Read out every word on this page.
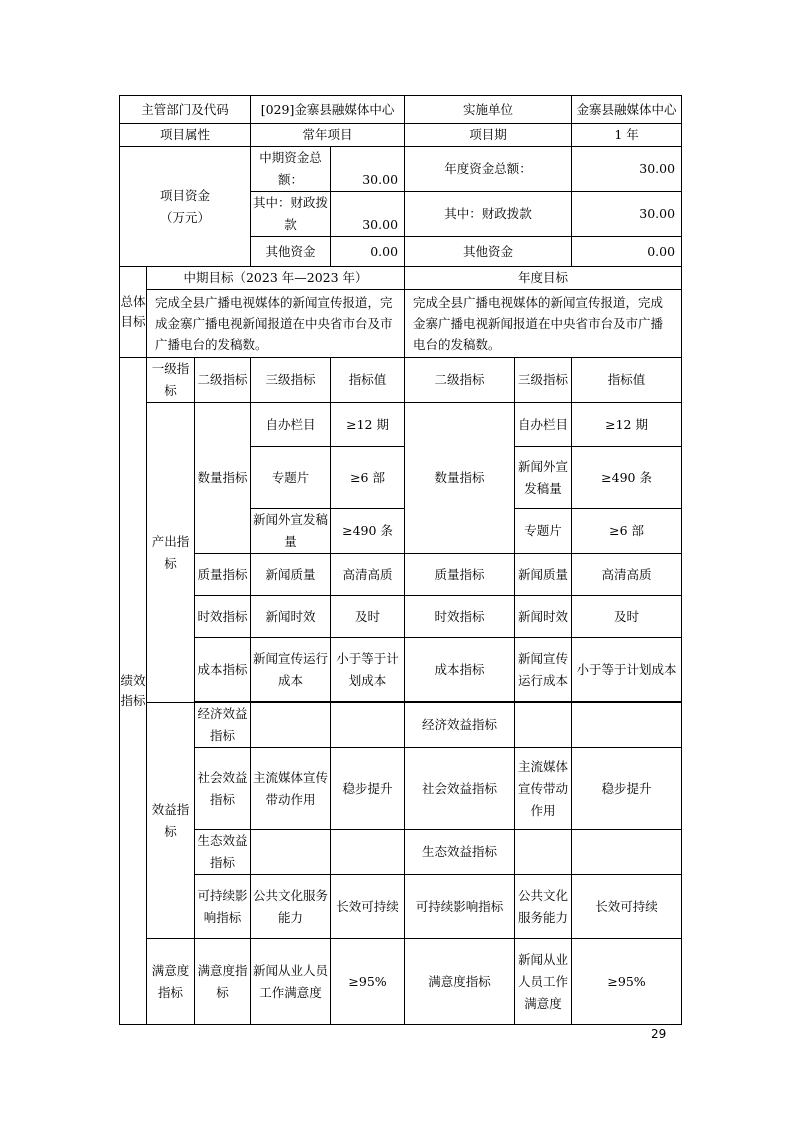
主管部门及代码			[029]金寨县融媒体中心		实施单位		金寨县融媒体中心
项目属性			常年项目		项目期		1 年
项目资金（万元）			中期资金总额：	30.00	年度资金总额：		30.00
			其中：财政拨款	30.00	其中：财政拨款		30.00
			其他资金	0.00	其他资金		0.00
总体目标	中期目标（2023 年—2023 年）				年度目标		
	完成全县广播电视媒体的新闻宣传报道，完成金寨广播电视新闻报道在中央省市台及市广播电台的发稿数。				完成全县广播电视媒体的新闻宣传报道，完成金寨广播电视新闻报道在中央省市台及市广播电台的发稿数。		
绩效指标	一级指标	二级指标	三级指标	指标值	二级指标	三级指标	指标值
	产出指标	数量指标	自办栏目	≥12 期	数量指标	自办栏目	≥12 期
			专题片	≥6 部		新闻外宣发稿量	≥490 条
			新闻外宣发稿量	≥490 条		专题片	≥6 部
		质量指标	新闻质量	高清高质	质量指标	新闻质量	高清高质
		时效指标	新闻时效	及时	时效指标	新闻时效	及时
		成本指标	新闻宣传运行成本	小于等于计划成本	成本指标	新闻宣传运行成本	小于等于计划成本

	效益指标	经济效益指标			经济效益指标		
		社会效益指标	主流媒体宣传带动作用	稳步提升	社会效益指标	主流媒体宣传带动作用	稳步提升
		生态效益指标			生态效益指标		
		可持续影响指标	公共文化服务能力	长效可持续	可持续影响指标	公共文化服务能力	长效可持续
	满意度指标	满意度指标	新闻从业人员工作满意度	≥95%	满意度指标	新闻从业人员工作满意度	≥95%
29
